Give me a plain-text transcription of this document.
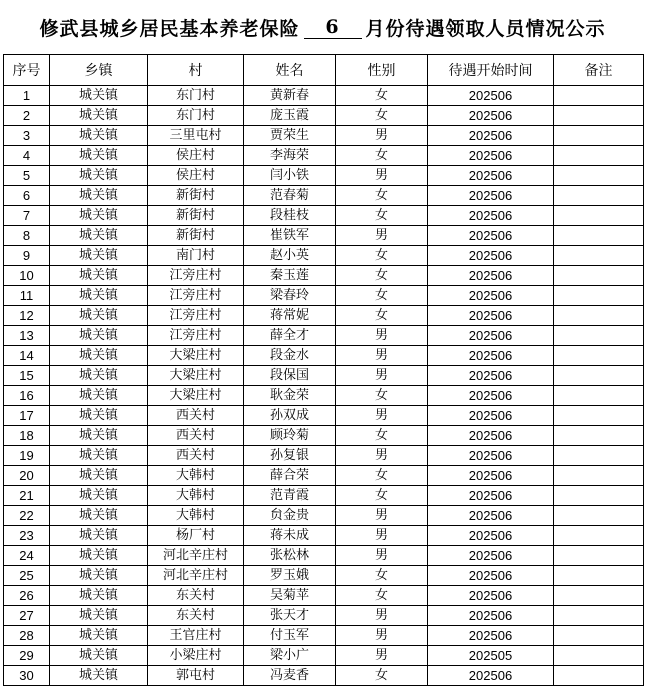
修武县城乡居民基本养老保险	6	月份待遇领取人员情况公示
序号	乡镇	村	姓名	性别	待遇开始时间	备注
1	城关镇	东门村	黄新春	女	202506	
2	城关镇	东门村	庞玉霞	女	202506	
3	城关镇	三里屯村	贾荣生	男	202506	
4	城关镇	侯庄村	李海荣	女	202506	
5	城关镇	侯庄村	闫小铁	男	202506	
6	城关镇	新街村	范春菊	女	202506	
7	城关镇	新街村	段桂枝	女	202506	
8	城关镇	新街村	崔铁军	男	202506	
9	城关镇	南门村	赵小英	女	202506	
10	城关镇	江旁庄村	秦玉莲	女	202506	
11	城关镇	江旁庄村	梁春玲	女	202506	
12	城关镇	江旁庄村	蒋常妮	女	202506	
13	城关镇	江旁庄村	薛全才	男	202506	
14	城关镇	大梁庄村	段金水	男	202506	
15	城关镇	大梁庄村	段保国	男	202506	
16	城关镇	大梁庄村	耿金荣	女	202506	
17	城关镇	西关村	孙双成	男	202506	
18	城关镇	西关村	顾玲菊	女	202506	
19	城关镇	西关村	孙复银	男	202506	
20	城关镇	大韩村	薛合荣	女	202506	
21	城关镇	大韩村	范青霞	女	202506	
22	城关镇	大韩村	贠金贵	男	202506	
23	城关镇	杨厂村	蒋未成	男	202506	
24	城关镇	河北辛庄村	张松林	男	202506	
25	城关镇	河北辛庄村	罗玉娥	女	202506	
26	城关镇	东关村	吴菊苹	女	202506	
27	城关镇	东关村	张天才	男	202506	
28	城关镇	王官庄村	付玉军	男	202506	
29	城关镇	小梁庄村	梁小广	男	202505	
30	城关镇	郭屯村	冯麦香	女	202506	
